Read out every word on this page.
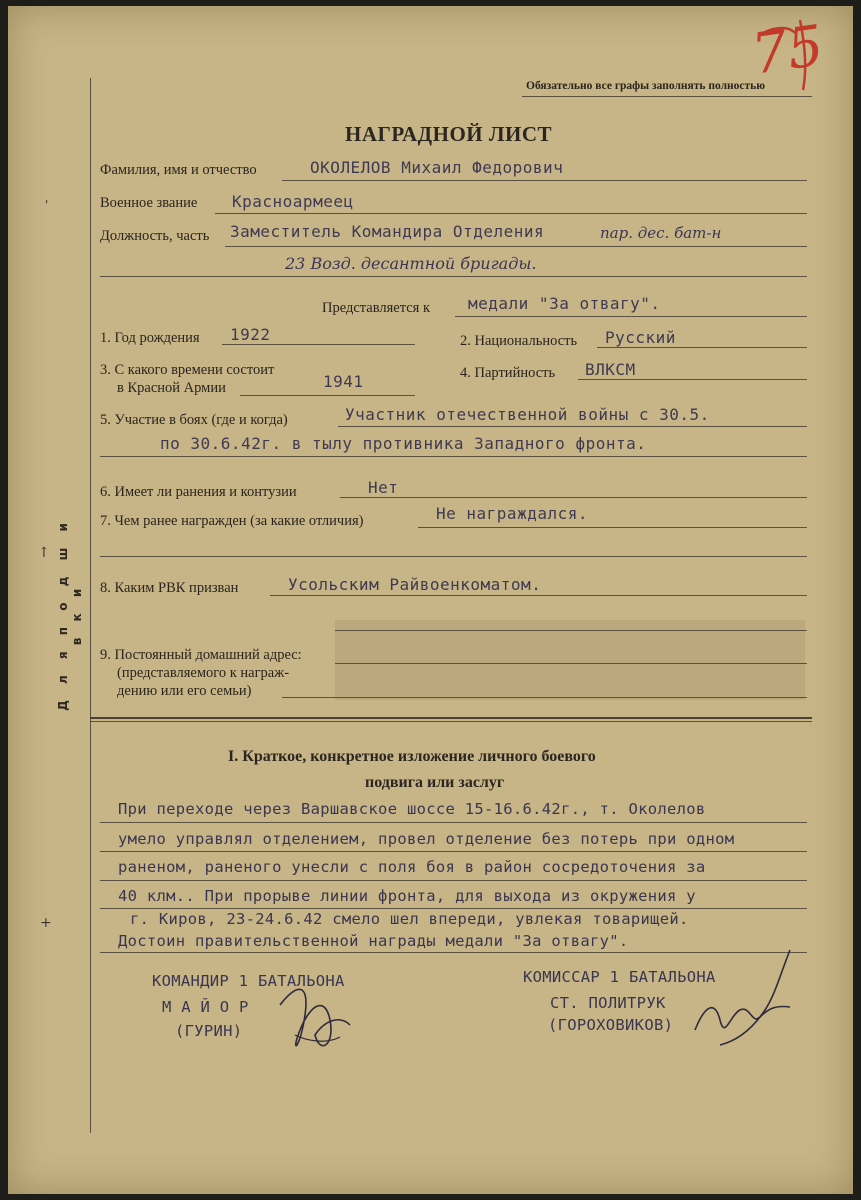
75
Обязательно все графы заполнять полностью
Д л я п о д ш и в к и
НАГРАДНОЙ ЛИСТ
Фамилия, имя и отчество	ОКОЛЕЛОВ Михаил Федорович
Военное звание Красноармеец
Должность, часть Заместитель Командира Отделения	пар. дес. бат-н
23 Возд. десантной бригады.
Представляется к медали "За отвагу".
1. Год рождения 1922	2. Национальность Русский
3. С какого времени состоит
в Красной Армии	1941	4. Партийность ВЛКСМ
5. Участие в боях (где и когда)	Участник отечественной войны с 30.5.
по 30.6.42г. в тылу противника Западного фронта.
6. Имеет ли ранения и контузии	Нет
7. Чем ранее награжден (за какие отличия)	Не награждался.
8. Каким РВК призван	Усольским Райвоенкоматом.
9. Постоянный домашний адрес:
(представляемого к награж-
дению или его семьи)
I. Краткое, конкретное изложение личного боевого
подвига или заслуг
При переходе через Варшавское шоссе 15-16.6.42г., т. Околелов
умело управлял отделением, провел отделение без потерь при одном
раненом, раненого унесли с поля боя в район сосредоточения за
40 клм.. При прорыве линии фронта, для выхода из окружения у
г. Киров, 23-24.6.42 смело шел впереди, увлекая товарищей.
Достоин правительственной награды медали "За отвагу".
КОМАНДИР 1 БАТАЛЬОНА
М А Й О Р
(ГУРИН)
КОМИССАР 1 БАТАЛЬОНА
СТ. ПОЛИТРУК
(ГОРОХОВИКОВ)
'
↑
+
